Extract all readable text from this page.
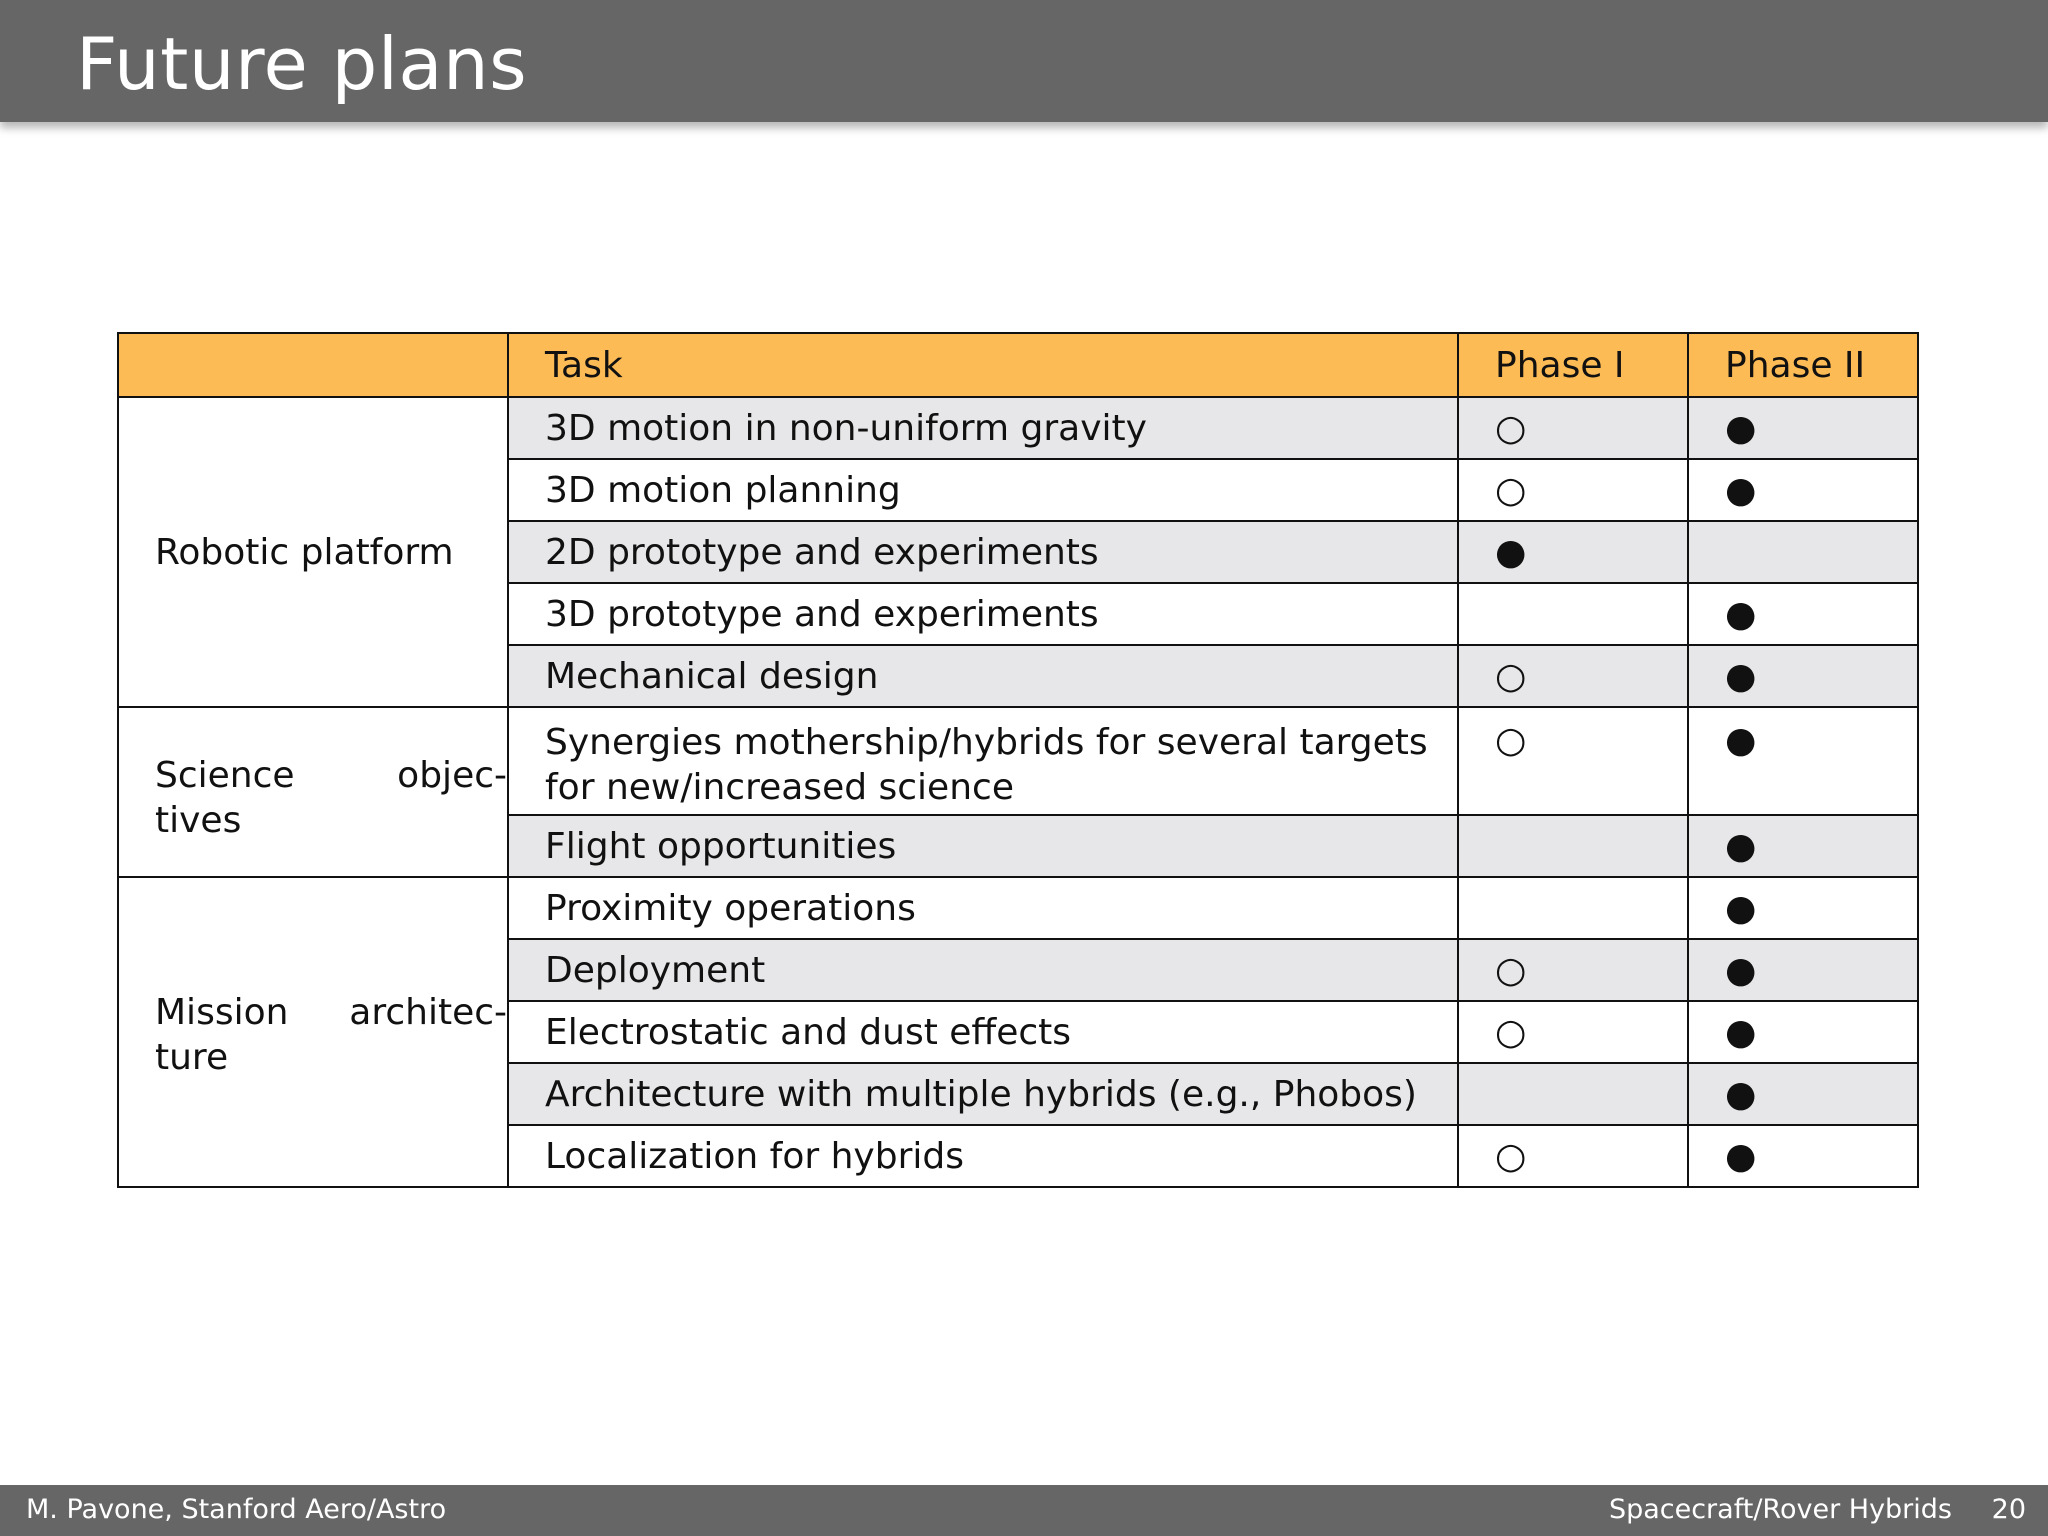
Future plans
	Task	Phase I	Phase II

Robotic platform	3D motion in non-uniform gravity	○	●
	3D motion planning	○	●
	2D prototype and experiments	●	
	3D prototype and experiments		●
	Mechanical design	○	●

Science objec- tives	Synergies mothership/hybrids for several targets for new/increased science	○	●
	Flight opportunities		●

Mission architec- ture	Proximity operations		●
	Deployment	○	●
	Electrostatic and dust effects	○	●
	Architecture with multiple hybrids (e.g., Phobos)		●
	Localization for hybrids	○	●
M. Pavone, Stanford Aero/Astro	Spacecraft/Rover Hybrids 20
